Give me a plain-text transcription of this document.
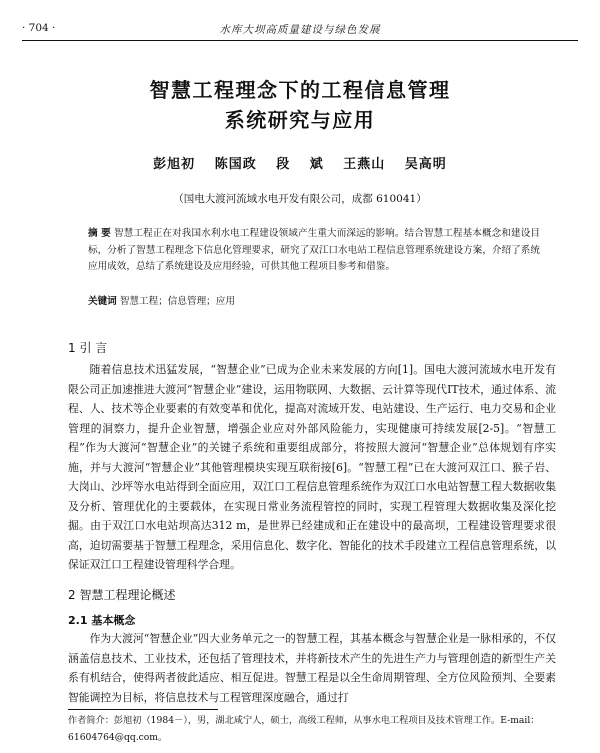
· 704 ·	水库大坝高质量建设与绿色发展
智慧工程理念下的工程信息管理
系统研究与应用
彭旭初 陈国政 段 斌 王燕山 吴高明
（国电大渡河流域水电开发有限公司，成都 610041）
摘 要 智慧工程正在对我国水利水电工程建设领域产生重大而深远的影响。结合智慧工程基本概念和建设目标，分析了智慧工程理念下信息化管理要求，研究了双江口水电站工程信息管理系统建设方案，介绍了系统应用成效，总结了系统建设及应用经验，可供其他工程项目参考和借鉴。
关键词 智慧工程；信息管理；应用
1 引 言
随着信息技术迅猛发展，“智慧企业”已成为企业未来发展的方向[1]。国电大渡河流域水电开发有限公司正加速推进大渡河“智慧企业”建设，运用物联网、大数据、云计算等现代IT技术，通过体系、流程、人、技术等企业要素的有效变革和优化，提高对流域开发、电站建设、生产运行、电力交易和企业管理的洞察力，提升企业智慧，增强企业应对外部风险能力，实现健康可持续发展[2-5]。“智慧工程”作为大渡河“智慧企业”的关键子系统和重要组成部分，将按照大渡河“智慧企业”总体规划有序实施，并与大渡河“智慧企业”其他管理模块实现互联衔接[6]。“智慧工程”已在大渡河双江口、猴子岩、大岗山、沙坪等水电站得到全面应用，双江口工程信息管理系统作为双江口水电站智慧工程大数据收集及分析、管理优化的主要载体，在实现日常业务流程管控的同时，实现工程管理大数据收集及深化挖掘。由于双江口水电站坝高达312 m，是世界已经建成和正在建设中的最高坝，工程建设管理要求很高，迫切需要基于智慧工程理念，采用信息化、数字化、智能化的技术手段建立工程信息管理系统，以保证双江口工程建设管理科学合理。
2 智慧工程理论概述
2.1 基本概念
作为大渡河“智慧企业”四大业务单元之一的智慧工程，其基本概念与智慧企业是一脉相承的，不仅涵盖信息技术、工业技术，还包括了管理技术，并将新技术产生的先进生产力与管理创造的新型生产关系有机结合，使得两者彼此适应、相互促进。智慧工程是以全生命周期管理、全方位风险预判、全要素智能调控为目标，将信息技术与工程管理深度融合，通过打
作者简介：彭旭初（1984－），男，湖北咸宁人，硕士，高级工程师，从事水电工程项目及技术管理工作。E-mail：61604764@qq.com。
